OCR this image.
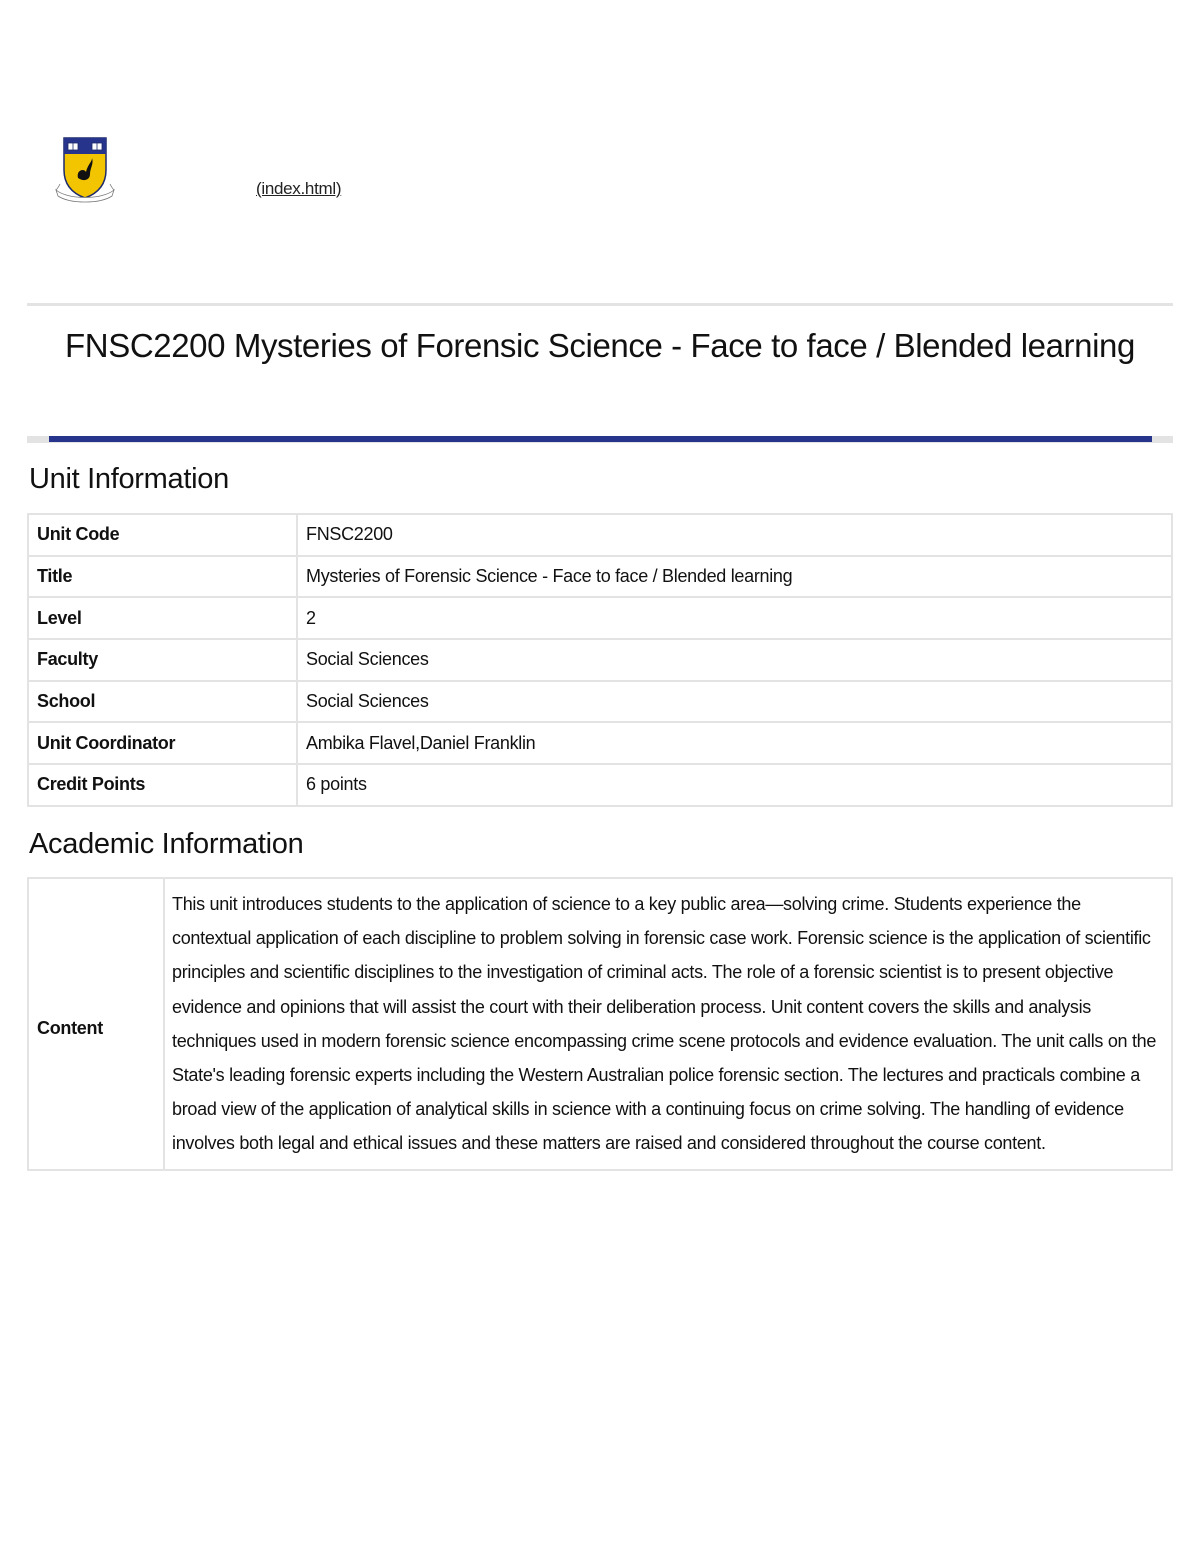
(index.html)
FNSC2200 Mysteries of Forensic Science - Face to face / Blended learning
Unit Information
Unit Code	FNSC2200
Title	Mysteries of Forensic Science - Face to face / Blended learning
Level	2
Faculty	Social Sciences
School	Social Sciences
Unit Coordinator	Ambika Flavel,Daniel Franklin
Credit Points	6 points
Academic Information
Content	This unit introduces students to the application of science to a key public area—solving crime. Students experience the contextual application of each discipline to problem solving in forensic case work. Forensic science is the application of scientific principles and scientific disciplines to the investigation of criminal acts. The role of a forensic scientist is to present objective evidence and opinions that will assist the court with their deliberation process. Unit content covers the skills and analysis techniques used in modern forensic science encompassing crime scene protocols and evidence evaluation. The unit calls on the State's leading forensic experts including the Western Australian police forensic section. The lectures and practicals combine a broad view of the application of analytical skills in science with a continuing focus on crime solving. The handling of evidence involves both legal and ethical issues and these matters are raised and considered throughout the course content.
